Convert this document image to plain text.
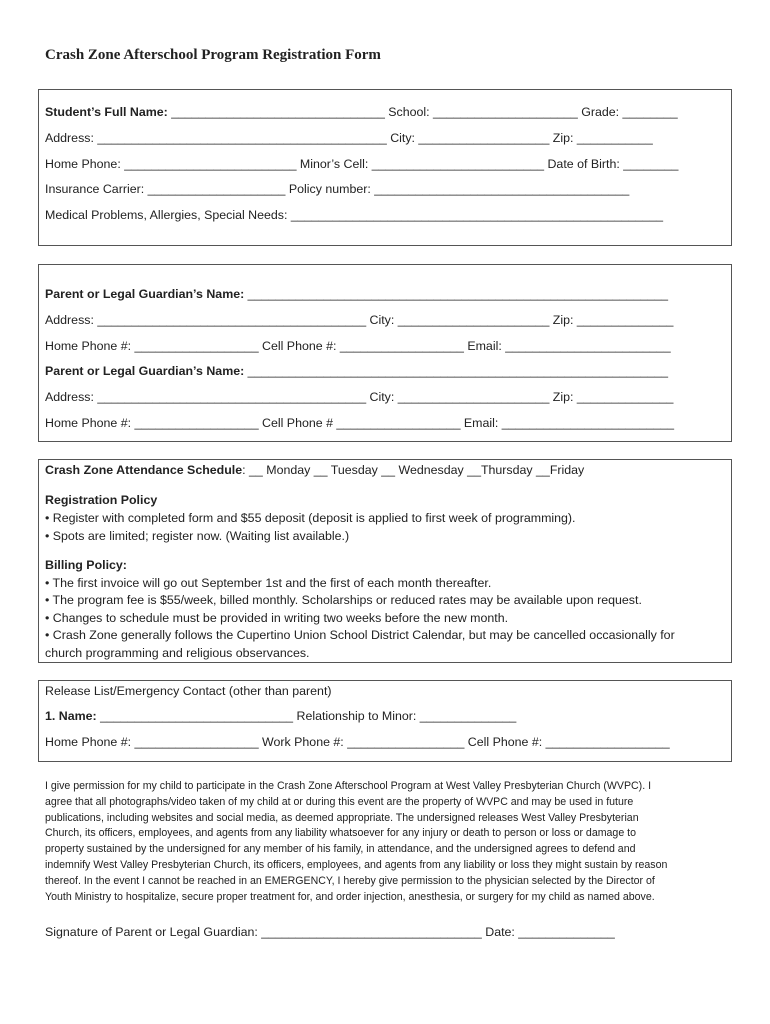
Crash Zone Afterschool Program Registration Form
Student’s Full Name: _______________________________ School: _____________________ Grade: ________
Address: __________________________________________ City: ___________________ Zip: ___________
Home Phone: _________________________ Minor’s Cell: _________________________ Date of Birth: ________
Insurance Carrier: ____________________ Policy number: _____________________________________
Medical Problems, Allergies, Special Needs: ______________________________________________________
Parent or Legal Guardian’s Name: _____________________________________________________________
Address: _______________________________________ City: ______________________ Zip: ______________
Home Phone #: __________________ Cell Phone #: __________________ Email: ________________________
Parent or Legal Guardian’s Name: _____________________________________________________________
Address: _______________________________________ City: ______________________ Zip: ______________
Home Phone #: __________________ Cell Phone # __________________ Email: _________________________
Crash Zone Attendance Schedule: __ Monday __ Tuesday __ Wednesday __Thursday __Friday
Registration Policy
• Register with completed form and $55 deposit (deposit is applied to first week of programming).
• Spots are limited; register now. (Waiting list available.)
Billing Policy:
• The first invoice will go out September 1st and the first of each month thereafter.
• The program fee is $55/week, billed monthly. Scholarships or reduced rates may be available upon request.
• Changes to schedule must be provided in writing two weeks before the new month.
• Crash Zone generally follows the Cupertino Union School District Calendar, but may be cancelled occasionally for
church programming and religious observances.
Release List/Emergency Contact (other than parent)
1. Name: ____________________________ Relationship to Minor: ______________
Home Phone #: __________________ Work Phone #: _________________ Cell Phone #: __________________
I give permission for my child to participate in the Crash Zone Afterschool Program at West Valley Presbyterian Church (WVPC). I
agree that all photographs/video taken of my child at or during this event are the property of WVPC and may be used in future
publications, including websites and social media, as deemed appropriate. The undersigned releases West Valley Presbyterian
Church, its officers, employees, and agents from any liability whatsoever for any injury or death to person or loss or damage to
property sustained by the undersigned for any member of his family, in attendance, and the undersigned agrees to defend and
indemnify West Valley Presbyterian Church, its officers, employees, and agents from any liability or loss they might sustain by reason
thereof. In the event I cannot be reached in an EMERGENCY, I hereby give permission to the physician selected by the Director of
Youth Ministry to hospitalize, secure proper treatment for, and order injection, anesthesia, or surgery for my child as named above.
Signature of Parent or Legal Guardian: ________________________________ Date: ______________
